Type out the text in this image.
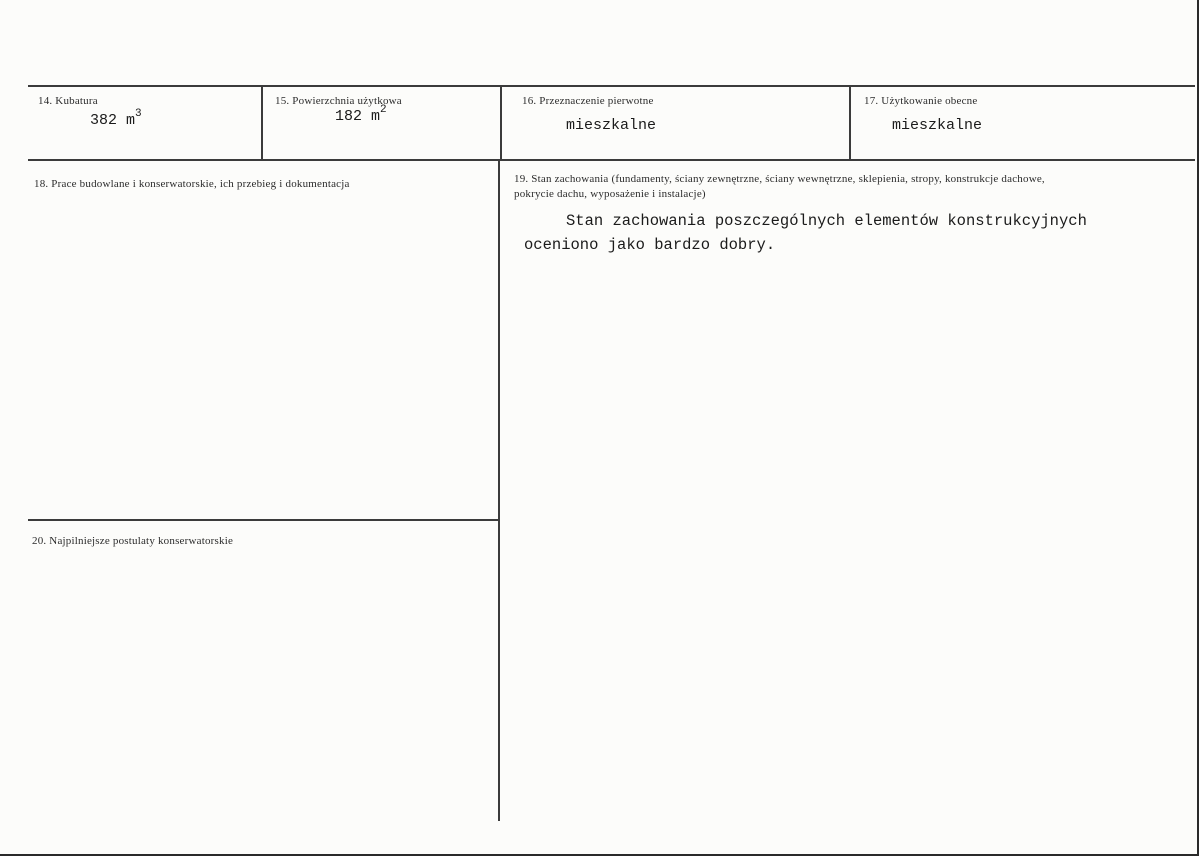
14. Kubatura
382 $m^3$
15. Powierzchnia użytkowa
182 $m^2$
16. Przeznaczenie pierwotne
mieszkalne
17. Użytkowanie obecne
mieszkalne
18. Prace budowlane i konserwatorskie, ich przebieg i dokumentacja	19. Stan zachowania (fundamenty, ściany zewnętrzne, ściany wewnętrzne, sklepienia, stropy, konstrukcje dachowe, pokrycie dachu, wyposażenie i instalacje)
Stan zachowania poszczególnych elementów konstrukcyjnych
oceniono jako bardzo dobry.
20. Najpilniejsze postulaty konserwatorskie
